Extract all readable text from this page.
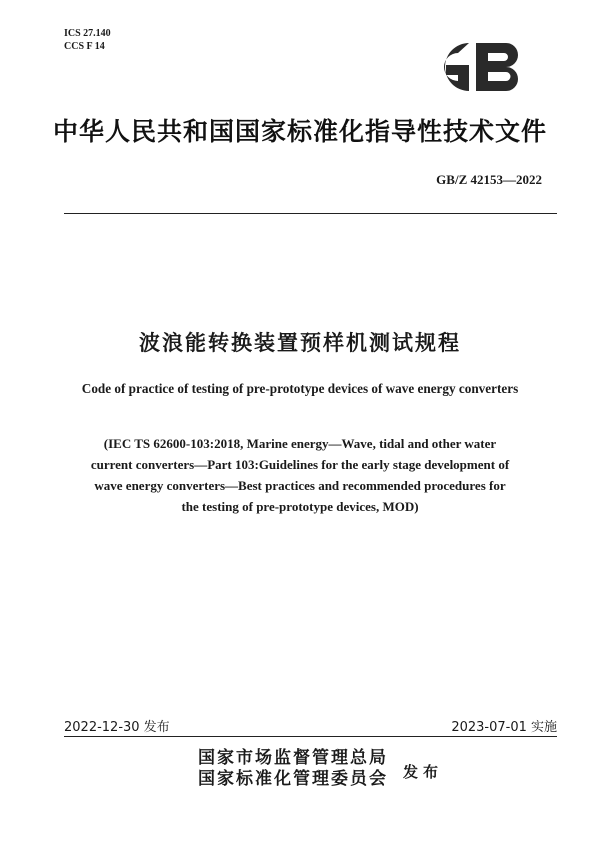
ICS 27.140
CCS F 14
中华人民共和国国家标准化指导性技术文件
GB/Z 42153—2022
波浪能转换装置预样机测试规程
Code of practice of testing of pre-prototype devices of wave energy converters
(IEC TS 62600-103:2018, Marine energy—Wave, tidal and other water
current converters—Part 103:Guidelines for the early stage development of
wave energy converters—Best practices and recommended procedures for
the testing of pre-prototype devices, MOD)
2022-12-30 发布	2023-07-01 实施
国家市场监督管理总局
国家标准化管理委员会 发布
